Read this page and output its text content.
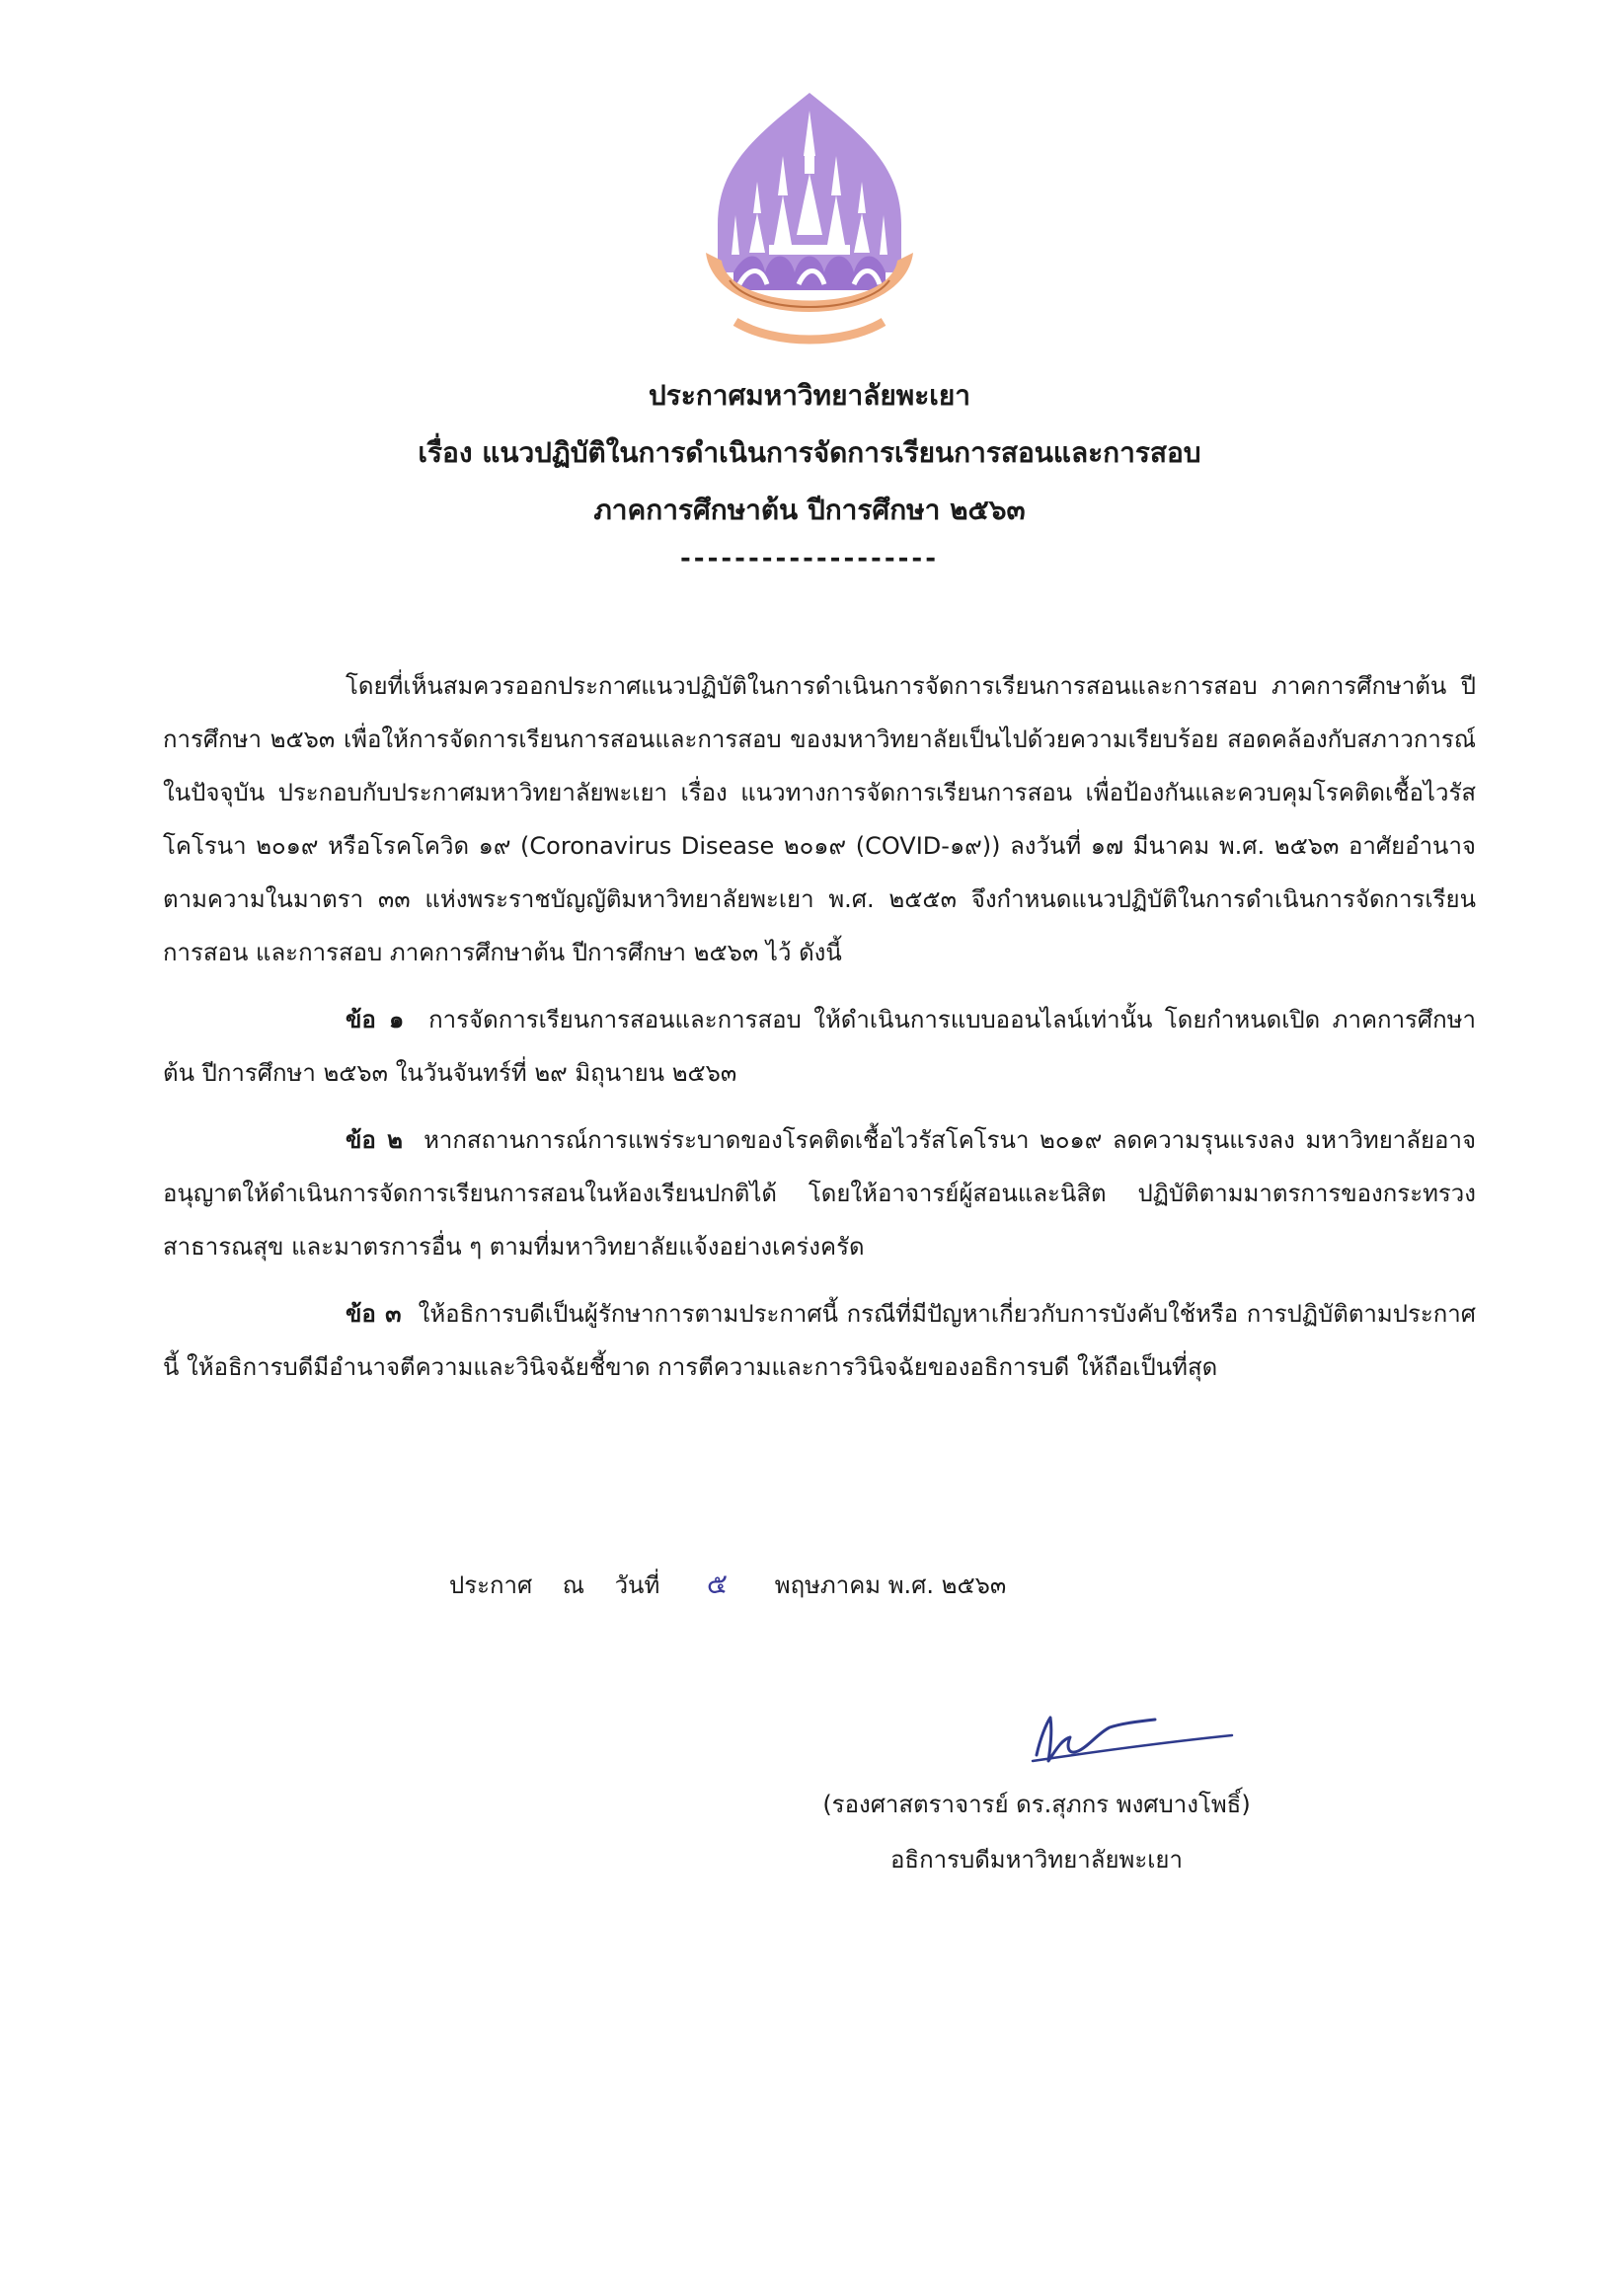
ประกาศมหาวิทยาลัยพะเยา
เรื่อง แนวปฏิบัติในการดำเนินการจัดการเรียนการสอนและการสอบ
ภาคการศึกษาต้น ปีการศึกษา ๒๕๖๓
-------------------

โดยที่เห็นสมควรออกประกาศแนวปฏิบัติในการดำเนินการจัดการเรียนการสอนและการสอบ ภาคการศึกษาต้น ปีการศึกษา ๒๕๖๓ เพื่อให้การจัดการเรียนการสอนและการสอบ ของมหาวิทยาลัยเป็นไปด้วยความเรียบร้อย สอดคล้องกับสภาวการณ์ในปัจจุบัน ประกอบกับประกาศมหาวิทยาลัยพะเยา เรื่อง แนวทางการจัดการเรียนการสอน เพื่อป้องกันและควบคุมโรคติดเชื้อไวรัสโคโรนา ๒๐๑๙ หรือโรคโควิด ๑๙ (Coronavirus Disease ๒๐๑๙ (COVID-๑๙)) ลงวันที่ ๑๗ มีนาคม พ.ศ. ๒๕๖๓ อาศัยอำนาจตามความในมาตรา ๓๓ แห่งพระราชบัญญัติมหาวิทยาลัยพะเยา พ.ศ. ๒๕๕๓ จึงกำหนดแนวปฏิบัติในการดำเนินการจัดการเรียนการสอน และการสอบ ภาคการศึกษาต้น ปีการศึกษา ๒๕๖๓ ไว้ ดังนี้

ข้อ ๑ การจัดการเรียนการสอนและการสอบ ให้ดำเนินการแบบออนไลน์เท่านั้น โดยกำหนดเปิด ภาคการศึกษาต้น ปีการศึกษา ๒๕๖๓ ในวันจันทร์ที่ ๒๙ มิถุนายน ๒๕๖๓

ข้อ ๒ หากสถานการณ์การแพร่ระบาดของโรคติดเชื้อไวรัสโคโรนา ๒๐๑๙ ลดความรุนแรงลง มหาวิทยาลัยอาจอนุญาตให้ดำเนินการจัดการเรียนการสอนในห้องเรียนปกติได้ โดยให้อาจารย์ผู้สอนและนิสิต ปฏิบัติตามมาตรการของกระทรวงสาธารณสุข และมาตรการอื่น ๆ ตามที่มหาวิทยาลัยแจ้งอย่างเคร่งครัด

ข้อ ๓ ให้อธิการบดีเป็นผู้รักษาการตามประกาศนี้ กรณีที่มีปัญหาเกี่ยวกับการบังคับใช้หรือ การปฏิบัติตามประกาศนี้ ให้อธิการบดีมีอำนาจตีความและวินิจฉัยชี้ขาด การตีความและการวินิจฉัยของอธิการบดี ให้ถือเป็นที่สุด

ประกาศ ณ วันที่ ๕ พฤษภาคม พ.ศ. ๒๕๖๓
(รองศาสตราจารย์ ดร.สุภกร พงศบางโพธิ์)
อธิการบดีมหาวิทยาลัยพะเยา
